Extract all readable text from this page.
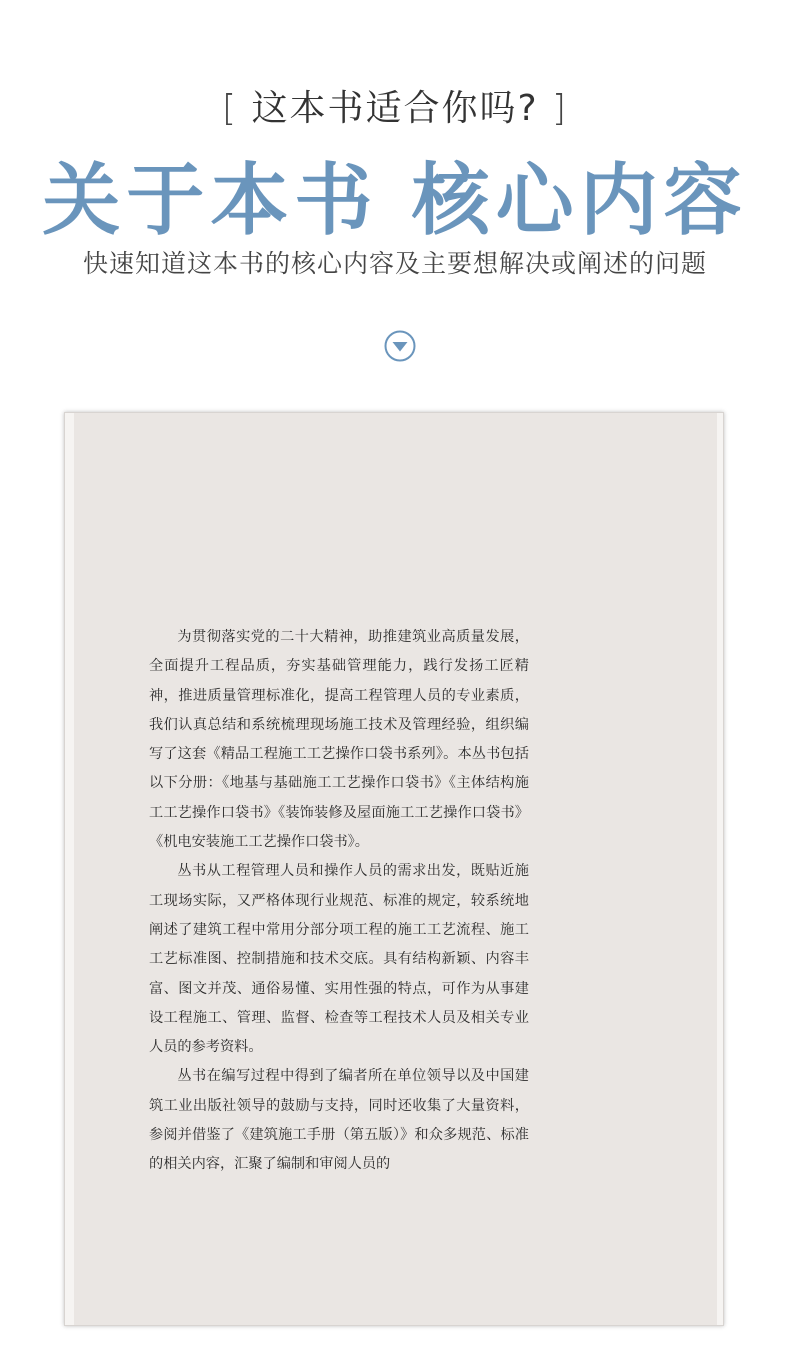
[ 这本书适合你吗? ]
关于本书 核心内容
快速知道这本书的核心内容及主要想解决或阐述的问题

为贯彻落实党的二十大精神，助推建筑业高质量发展，全面提升工程品质，夯实基础管理能力，践行发扬工匠精神，推进质量管理标准化，提高工程管理人员的专业素质，我们认真总结和系统梳理现场施工技术及管理经验，组织编写了这套《精品工程施工工艺操作口袋书系列》。本丛书包括以下分册：《地基与基础施工工艺操作口袋书》《主体结构施工工艺操作口袋书》《装饰装修及屋面施工工艺操作口袋书》《机电安装施工工艺操作口袋书》。

丛书从工程管理人员和操作人员的需求出发，既贴近施工现场实际，又严格体现行业规范、标准的规定，较系统地阐述了建筑工程中常用分部分项工程的施工工艺流程、施工工艺标准图、控制措施和技术交底。具有结构新颖、内容丰富、图文并茂、通俗易懂、实用性强的特点，可作为从事建设工程施工、管理、监督、检查等工程技术人员及相关专业人员的参考资料。

丛书在编写过程中得到了编者所在单位领导以及中国建筑工业出版社领导的鼓励与支持，同时还收集了大量资料，参阅并借鉴了《建筑施工手册（第五版）》和众多规范、标准的相关内容，汇聚了编制和审阅人员的
